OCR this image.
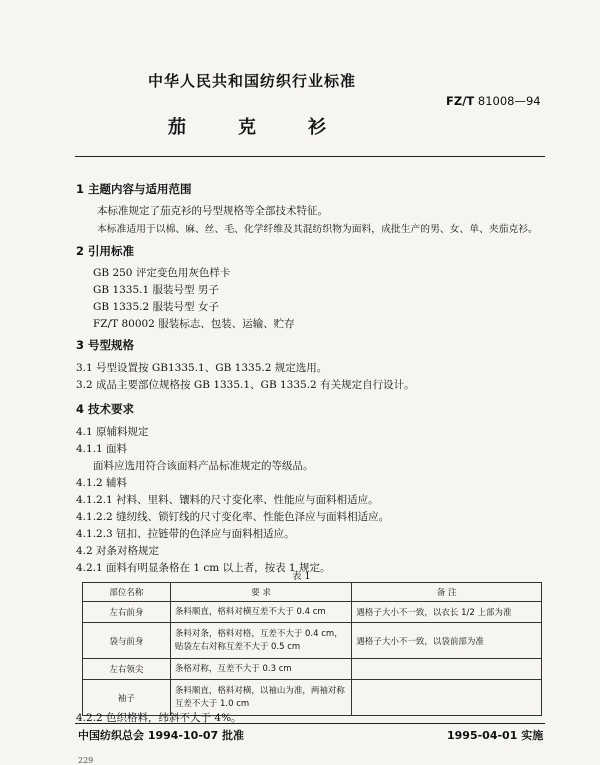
中华人民共和国纺织行业标准
FZ/T 81008—94
茄克衫
1 主题内容与适用范围
本标准规定了茄克衫的号型规格等全部技术特征。
本标准适用于以棉、麻、丝、毛、化学纤维及其混纺织物为面料，成批生产的男、女、单、夹茄克衫。
2 引用标准
GB 250 评定变色用灰色样卡
GB 1335.1 服装号型 男子
GB 1335.2 服装号型 女子
FZ/T 80002 服装标志、包装、运输、贮存
3 号型规格
3.1 号型设置按 GB1335.1、GB 1335.2 规定选用。
3.2 成品主要部位规格按 GB 1335.1、GB 1335.2 有关规定自行设计。
4 技术要求
4.1 原辅料规定
4.1.1 面料
面料应选用符合该面料产品标准规定的等级品。
4.1.2 辅料
4.1.2.1 衬料、里料、镶料的尺寸变化率、性能应与面料相适应。
4.1.2.2 缝纫线、锁钉线的尺寸变化率、性能色泽应与面料相适应。
4.1.2.3 钮扣、拉链带的色泽应与面料相适应。
4.2 对条对格规定
4.2.1 面料有明显条格在 1 cm 以上者，按表 1 规定。
表 1
部位名称	要 求	备 注
左右前身	条料顺直，格料对横互差不大于 0.4 cm	遇格子大小不一致，以衣长 1/2 上部为准
袋与前身	条料对条，格料对格，互差不大于 0.4 cm，贴袋左右对称互差不大于 0.5 cm	遇格子大小不一致，以袋前部为准
左右领尖	条格对称，互差不大于 0.3 cm	
袖子	条料顺直，格料对横，以袖山为准，两袖对称互差不大于 1.0 cm	
4.2.2 色织格料，纬斜不大于 4%。
中国纺织总会 1994-10-07 批准	1995-04-01 实施
229
